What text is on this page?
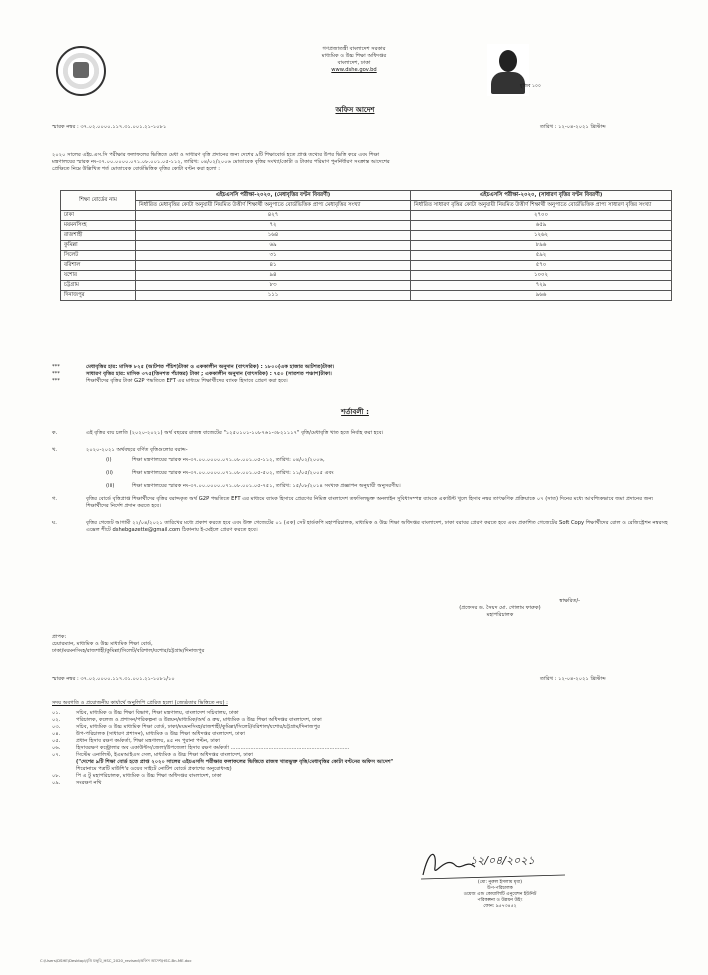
গণপ্রজাতন্ত্রী বাংলাদেশ সরকার
মাধ্যমিক ও উচ্চ শিক্ষা অধিদপ্তর
বাংলাদেশ, ঢাকা
www.dshe.gov.bd
মুজিব ১০০
অফিস আদেশ
স্মারক নম্বর : ৩৭.০২.০০০০.১১৭.৩১.০০১.২১-১০৮১	তারিখ : ১২-০৪-২০২১ খ্রিস্টাব্দ
২০২০ সালের এইচ.এস.সি পরীক্ষার ফলাফলের ভিত্তিতে মেধা ও সাধারণ বৃত্তি প্রদানের জন্য দেশের ৯টি শিক্ষাবোর্ড হতে প্রাপ্ত তথ্যের উপর ভিত্তি করে এবং শিক্ষা
মন্ত্রণালয়ের স্মারক নং-৩৭.০০.০০০০.০৭১.০৮.০০১.০৫-১১২, তারিখ: ০৪/০২/২০০৬ মোতাবেক বৃত্তির সংখ্যা/কোটা ও টাকার পরিমাণ পুনর্নির্ধারণ সংক্রান্ত আদেশের
প্রেক্ষিতে নিম্নে উল্লিখিত শর্ত মোতাবেক বোর্ডভিত্তিক বৃত্তির কোটা বণ্টন করা হলো :
শিক্ষা বোর্ডের নাম	এইচএসসি পরীক্ষা-২০২০, (মেধাবৃত্তির বণ্টন বিবরণী)	এইচএসসি পরীক্ষা-২০২০, (সাধারণ বৃত্তির বণ্টন বিবরণী)
	নির্ধারিত মেধাবৃত্তির কোটা অনুযায়ী নিয়মিত উত্তীর্ণ শিক্ষার্থী অনুপাতে বোর্ডভিত্তিক প্রাপ্য মেধাবৃত্তির সংখ্যা	নির্ধারিত সাধারণ বৃত্তির কোটা অনুযায়ী নিয়মিত উত্তীর্ণ শিক্ষার্থী অনুপাতে বোর্ডভিত্তিক প্রাপ্য সাধারণ বৃত্তির সংখ্যা
ঢাকা	৪২৭	২৭০০
ময়মনসিংহ	৭২	৬৫৯
রাজশাহী	১৬৪	১২৬২
কুমিল্লা	৬৯	৮৯৬
সিলেট	৩১	৫৯২
বরিশাল	৪১	৫৭০
যশোর	৯৪	১০০২
চট্টগ্রাম	৮৩	৭২৯
দিনাজপুর	১১১	৯৬৬
***	মেধাবৃত্তির হার: মাসিক ৮২৫ (আটশত পঁচিশ)টাকা ও এককালীন অনুদান (বাৎসরিক) : ১৮০০(এক হাজার আটশত)টাকা।
***	সাধারণ বৃত্তির হার: মাসিক ৩৭৫(তিনশত পঁচাত্তর) টাকা ; এককালীন অনুদান (বাৎসরিক) : ৭৫০ (সাতশত পঞ্চাশ)টাকা।
***	শিক্ষার্থীদের বৃত্তির টাকা G2P পদ্ধতিতে EFT এর মাধ্যমে শিক্ষার্থীদের ব্যাংক হিসাবে প্রেরণ করা হবে।
শর্তাবলী :
ক.	এই বৃত্তির ব্যয় চলতি (২০২০-২০২১) অর্থ বছরের রাজস্ব বাজেটের "১২৫০১০১-১০৮৭৬১-৩৮২১১১৭" বৃত্তি/মেধাবৃত্তি খাত হতে নির্বাহ করা হবে।
খ.	২০২০-২০২১ অর্থবছরে বর্ণিত বৃত্তিগুলোর বরাদ্দ-
(i)	শিক্ষা মন্ত্রণালয়ের স্মারক নং-৩৭.০০.০০০০.০৭১.০৮.০০১.০৫-১১২, তারিখ: ০৪/০২/২০০৬,
(ii)	শিক্ষা মন্ত্রণালয়ের স্মারক নং-৩৭.০০.০০০০.০৭১.০৮.০০১.০৫-৫০২, তারিখ: ১১/০৫/২০০৫ এবং
(iii)	শিক্ষা মন্ত্রণালয়ের স্মারক নং-৩৭.০০.০০০০.০৭১.০৮.০০১.০৫-৭৫১, তারিখ: ১৫/০৮/২০১৪ সংখ্যক প্রজ্ঞাপন অনুযায়ী অনুসরণীয়।
গ.	বৃত্তির বোর্ডে বৃত্তিপ্রাপ্ত শিক্ষার্থীদের বৃত্তির বরাদ্দকৃত অর্থ G2P পদ্ধতিতে EFT এর মাধ্যমে ব্যাংক হিসাবে প্রেরণের নিমিত্ত বাংলাদেশ তফসিলভুক্ত অনলাইন সুবিধাসম্পন্ন ব্যাংকে একাউন্ট খুলে হিসাব নম্বর তাৎক্ষণিক প্রক্রিয়াকে ০৭ (সাত) দিনের মধ্যে আবশ্যিকভাবে জমা প্রদানের জন্য শিক্ষার্থীদের নির্দেশ প্রদান করতে হবে।
ঘ.	বৃত্তির গেজেট আগামী ২২/০৪/২০২১ তারিখের মধ্যে প্রকাশ করতে হবে এবং উক্ত গেজেটের ০১ (এক) সেট হার্ডকপি মহাপরিচালক, মাধ্যমিক ও উচ্চ শিক্ষা অধিদপ্তর বাংলাদেশ, ঢাকা বরাবর প্রেরণ করতে হবে এবং প্রকাশিত গেজেটের Soft Copy শিক্ষার্থীদের রোল ও রেজিস্ট্রেশন নম্বরসহ এক্সেল শীটে dshebgazette@gmail.com ঠিকানায় ই-মেইলে প্রেরণ করতে হবে।
স্বাক্ষরিত/-
(প্রফেসর ড. সৈয়দ মো. গোলাম ফারুক)
মহাপরিচালক
প্রাপক:
চেয়ারম্যান, মাধ্যমিক ও উচ্চ মাধ্যমিক শিক্ষা বোর্ড,
ঢাকা/ময়মনসিংহ/রাজশাহী/কুমিল্লা/সিলেট/বরিশাল/যশোর/চট্টগ্রাম/দিনাজপুর
স্মারক নম্বর : ৩৭.০২.০০০০.১১৭.৩১.০০১.২১-১০৮১/১০	তারিখ : ১২-০৪-২০২১ খ্রিস্টাব্দ
সদয় অবগতি ও প্রয়োজনীয় কার্যার্থে অনুলিপি প্রেরিত হলো (জ্যেষ্ঠতার ভিত্তিতে নয়) :
০১.	সচিব, মাধ্যমিক ও উচ্চ শিক্ষা বিভাগ, শিক্ষা মন্ত্রণালয়, বাংলাদেশ সচিবালয়, ঢাকা
০২.	পরিচালক, কলেজ ও প্রশাসন/পরিকল্পনা ও উন্নয়ন/মাধ্যমিক/অর্থ ও ক্রয়, মাধ্যমিক ও উচ্চ শিক্ষা অধিদপ্তর বাংলাদেশ, ঢাকা
০৩.	সচিব, মাধ্যমিক ও উচ্চ মাধ্যমিক শিক্ষা বোর্ড, ঢাকা/ময়মনসিংহ/রাজশাহী/কুমিল্লা/সিলেট/বরিশাল/যশোর/চট্টগ্রাম/দিনাজপুর
০৪.	উপ-পরিচালক (সাধারণ প্রশাসন), মাধ্যমিক ও উচ্চ শিক্ষা অধিদপ্তর বাংলাদেশ, ঢাকা
০৫.	প্রধান হিসাব রক্ষণ কর্মকর্তা, শিক্ষা মন্ত্রণালয়, ৪৫ নং পুরানা পল্টন, ঢাকা
০৬.	হিসাবরক্ষণ কন্ট্রোলার অব একাউন্টস/জেলা/উপজেলা হিসাব রক্ষণ কর্মকর্তা ........................................................................
০৭.	সিস্টেম এনালিস্ট, ইএমআইএস সেল, মাধ্যমিক ও উচ্চ শিক্ষা অধিদপ্তর বাংলাদেশ, ঢাকা
("দেশের ৯টি শিক্ষা বোর্ড হতে প্রাপ্ত ২০২০ সালের এইচএসসি পরীক্ষার ফলাফলের ভিত্তিতে রাজস্ব খাতভুক্ত বৃত্তি/মেধাবৃত্তির কোটা বণ্টনের অফিস আদেশ"
শিরোনামে পত্রটি মাউশি'র ওয়েব সাইটে নোটিশ বোর্ডে প্রকাশের অনুরোধসহ)
০৮.	পি এ টু মহাপরিচালক, মাধ্যমিক ও উচ্চ শিক্ষা অধিদপ্তর বাংলাদেশ, ঢাকা
০৯.	সংরক্ষণ নথি
১২/০৪/২০২১
(মো: নুরুল ইসলাম মৃধা)
উপ-পরিচালক
ওয়েজ এন্ড কোয়ালিটি এনুয়েশন ইউনিট
পরিকল্পনা ও উন্নয়ন উইং
ফোন: ৯৫৭৩৪৫২
C:\Users\DSHE\Desktop\বৃত্তি মঞ্জুরি_HSC_2020_revised\অফিস আদেশ\HSC-Bn-ME.doc
